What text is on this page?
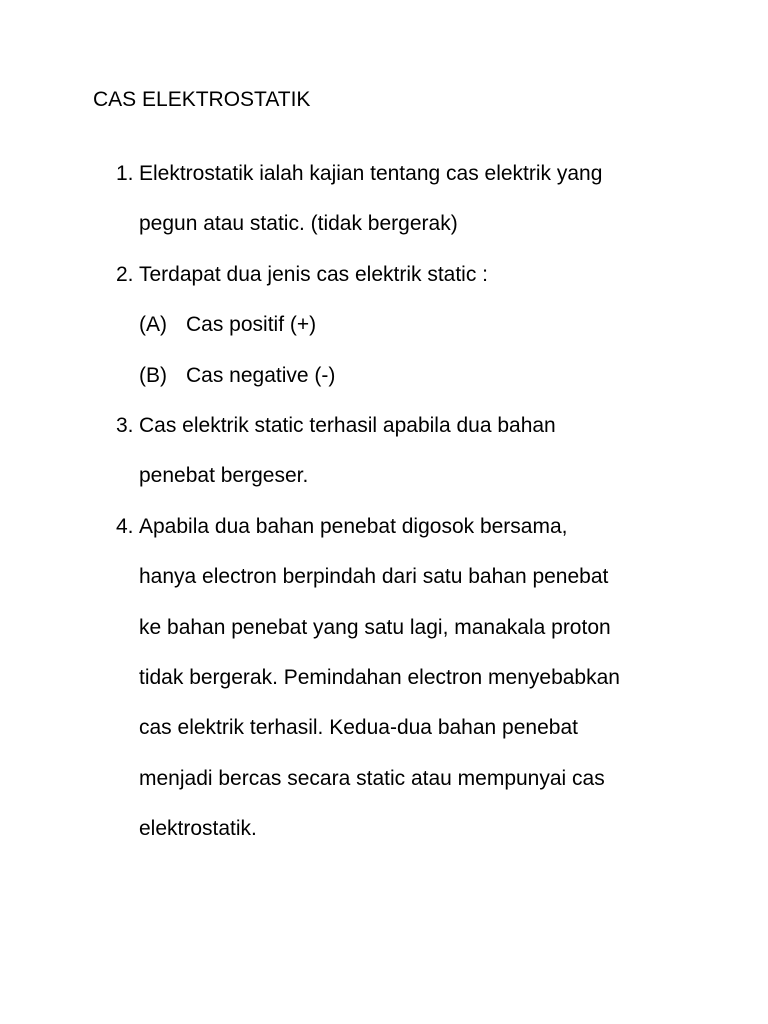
CAS ELEKTROSTATIK
1. Elektrostatik ialah kajian tentang cas elektrik yang
pegun atau static. (tidak bergerak)
2. Terdapat dua jenis cas elektrik static :
(A) Cas positif (+)
(B) Cas negative (-)
3. Cas elektrik static terhasil apabila dua bahan
penebat bergeser.
4. Apabila dua bahan penebat digosok bersama,
hanya electron berpindah dari satu bahan penebat
ke bahan penebat yang satu lagi, manakala proton
tidak bergerak. Pemindahan electron menyebabkan
cas elektrik terhasil. Kedua-dua bahan penebat
menjadi bercas secara static atau mempunyai cas
elektrostatik.
